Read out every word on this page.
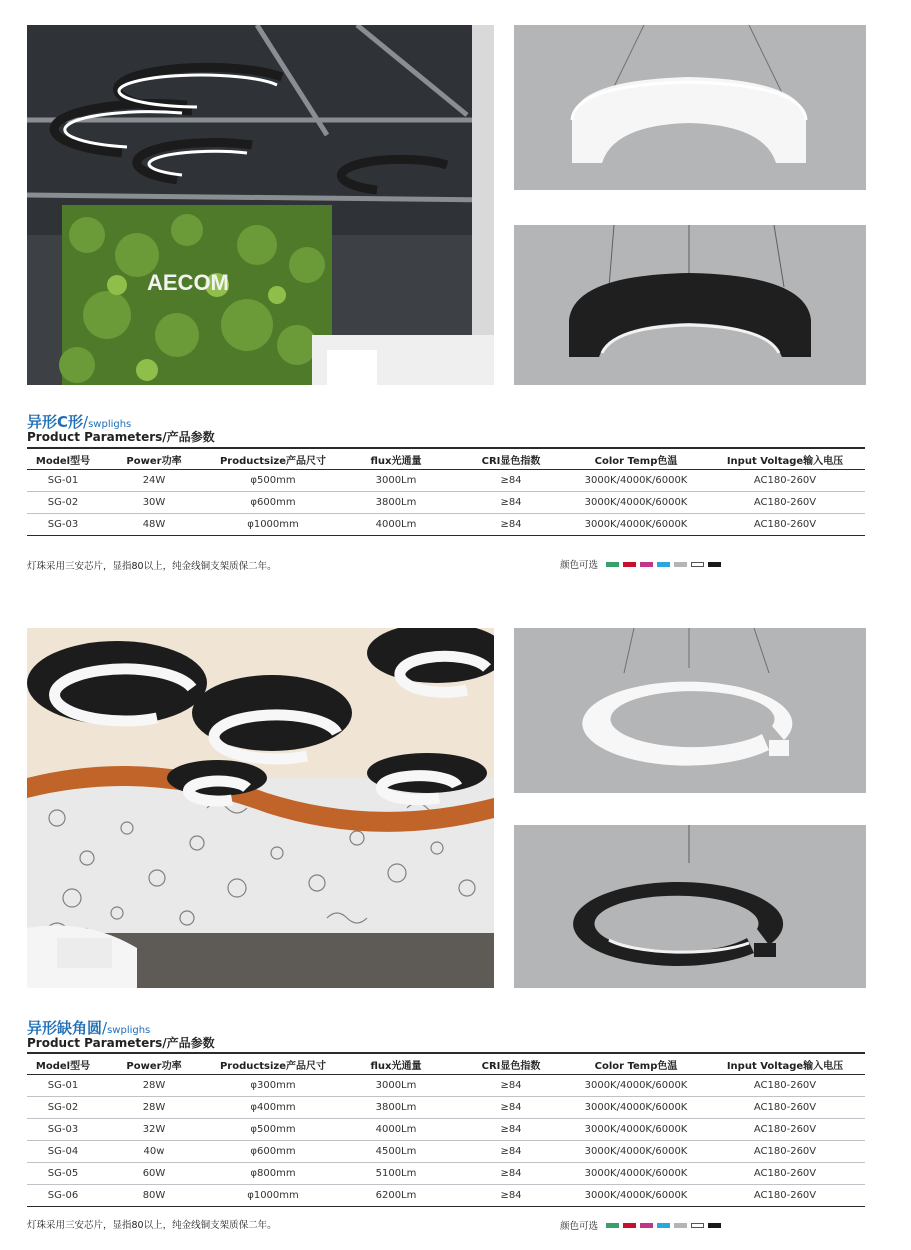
AECOM
异形C形/swplighs

Product Parameters/产品参数

Model型号	Power功率	Productsize产品尺寸	flux光通量	CRI显色指数	Color Temp色温	Input Voltage输入电压
SG-01	24W	φ500mm	3000Lm	≥84	3000K/4000K/6000K	AC180-260V
SG-02	30W	φ600mm	3800Lm	≥84	3000K/4000K/6000K	AC180-260V
SG-03	48W	φ1000mm	4000Lm	≥84	3000K/4000K/6000K	AC180-260V

灯珠采用三安芯片，显指80以上，纯金线铜支架质保二年。	颜色可选
异形缺角圆/swplighs

Product Parameters/产品参数

Model型号	Power功率	Productsize产品尺寸	flux光通量	CRI显色指数	Color Temp色温	Input Voltage输入电压
SG-01	28W	φ300mm	3000Lm	≥84	3000K/4000K/6000K	AC180-260V
SG-02	28W	φ400mm	3800Lm	≥84	3000K/4000K/6000K	AC180-260V
SG-03	32W	φ500mm	4000Lm	≥84	3000K/4000K/6000K	AC180-260V
SG-04	40w	φ600mm	4500Lm	≥84	3000K/4000K/6000K	AC180-260V
SG-05	60W	φ800mm	5100Lm	≥84	3000K/4000K/6000K	AC180-260V
SG-06	80W	φ1000mm	6200Lm	≥84	3000K/4000K/6000K	AC180-260V

灯珠采用三安芯片，显指80以上，纯金线铜支架质保二年。	颜色可选
